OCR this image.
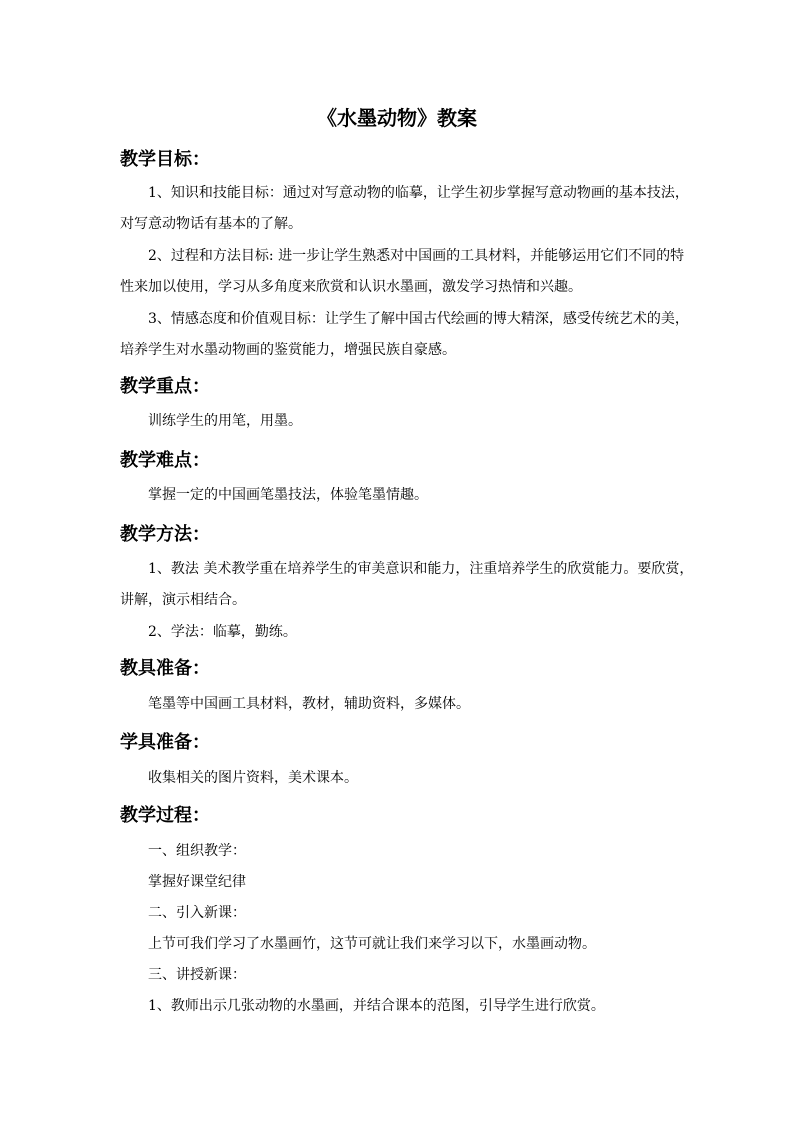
《水墨动物》教案
教学目标：
1、知识和技能目标：通过对写意动物的临摹，让学生初步掌握写意动物画的基本技法，
对写意动物话有基本的了解。
2、过程和方法目标: 进一步让学生熟悉对中国画的工具材料，并能够运用它们不同的特
性来加以使用，学习从多角度来欣赏和认识水墨画，激发学习热情和兴趣。
3、情感态度和价值观目标：让学生了解中国古代绘画的博大精深，感受传统艺术的美，
培养学生对水墨动物画的鉴赏能力，增强民族自豪感。
教学重点：
训练学生的用笔，用墨。
教学难点：
掌握一定的中国画笔墨技法，体验笔墨情趣。
教学方法：
1、教法 美术教学重在培养学生的审美意识和能力，注重培养学生的欣赏能力。要欣赏，
讲解，演示相结合。
2、学法：临摹，勤练。
教具准备：
笔墨等中国画工具材料，教材，辅助资料，多媒体。
学具准备：
收集相关的图片资料，美术课本。
教学过程：
一、组织教学：
掌握好课堂纪律
二、引入新课：
上节可我们学习了水墨画竹，这节可就让我们来学习以下，水墨画动物。
三、讲授新课：
1、教师出示几张动物的水墨画，并结合课本的范图，引导学生进行欣赏。
